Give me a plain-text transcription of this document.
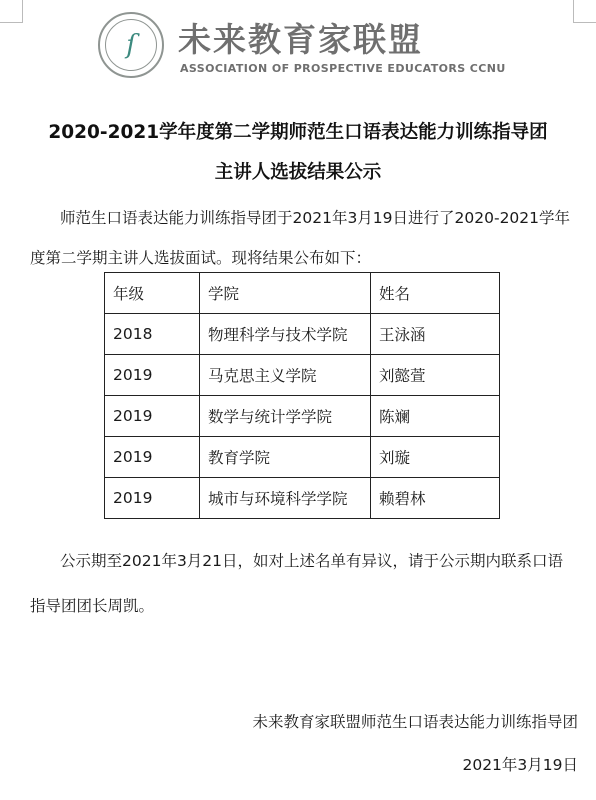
ſ	未来教育家联盟
ASSOCIATION OF PROSPECTIVE EDUCATORS CCNU
2020-2021学年度第二学期师范生口语表达能力训练指导团
主讲人选拔结果公示
师范生口语表达能力训练指导团于2021年3月19日进行了2020-2021学年
度第二学期主讲人选拔面试。现将结果公布如下：
年级	学院	姓名
2018	物理科学与技术学院	王泳涵
2019	马克思主义学院	刘懿萱
2019	数学与统计学学院	陈斓
2019	教育学院	刘璇
2019	城市与环境科学学院	赖碧林
公示期至2021年3月21日，如对上述名单有异议，请于公示期内联系口语
指导团团长周凯。
未来教育家联盟师范生口语表达能力训练指导团
2021年3月19日
